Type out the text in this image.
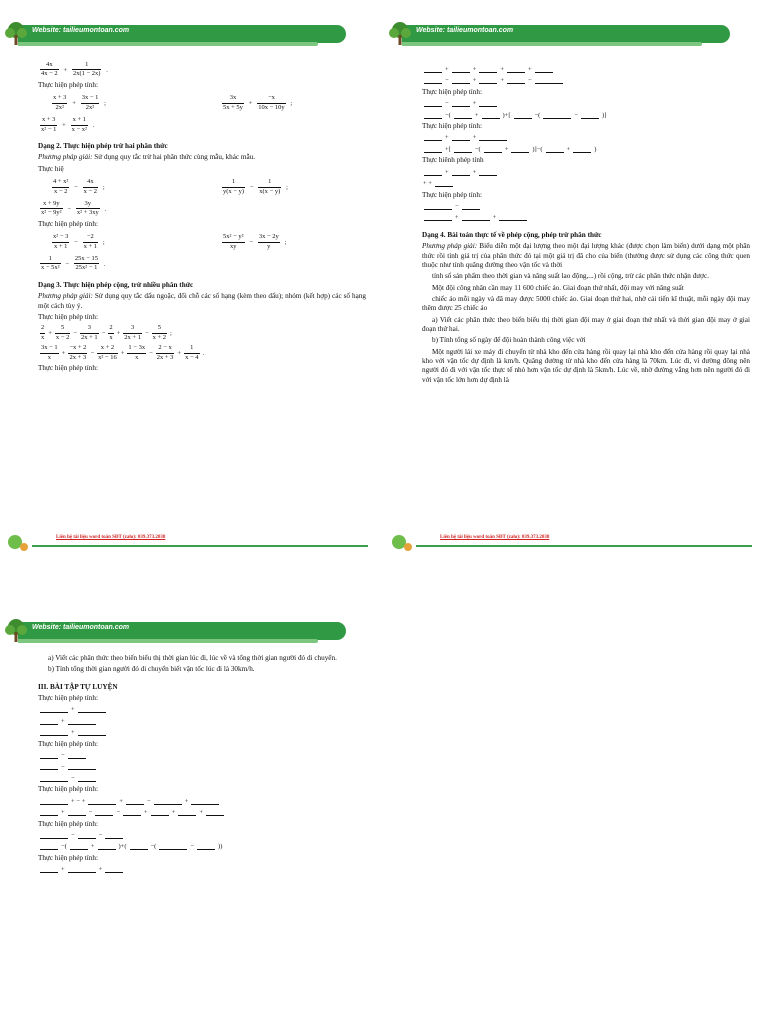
Website: tailieumontoan.com

$\frac{4x}{4x - 2} + \frac{1}{2x(1 - 2x)}$ .

Thực hiện phép tính:

$\frac{x + 3}{\text{2x²}} + \frac{3x - 1}{\text{2x²}}$ ;	$\frac{3x}{5x + 5y} + \frac{-x}{10x - 10y}$ ;

$\frac{x + 3}{\text{x² − 1}} + \frac{x + 1}{\text{x − x²}}$ .

Dạng 2. Thực hiện phép trừ hai phân thức

Phương pháp giải: Sử dụng quy tắc trừ hai phân thức cùng mẫu, khác mẫu.

Thực hiệ

$\frac{\text{4 + x²}}{x - 2} - \frac{4x}{x - 2}$ ;	$\frac{1}{y(x - y)} - \frac{1}{x(x - y)}$ ;

$\frac{x + 9y}{\text{x² − 9y²}} - \frac{3y}{\text{x² + 3xy}}$ .

Thực hiện phép tính:

$\frac{\text{x² − 3}}{x + 1} - \frac{-2}{x + 1}$ ;	$\frac{\text{5x² − y²}}{xy} - \frac{3x - 2y}{y}$ ;

$\frac{1}{\text{x − 5x²}} - \frac{25x - 15}{\text{25x² − 1}}$ .

Dạng 3. Thực hiện phép cộng, trừ nhiều phân thức

Phương pháp giải: Sử dụng quy tắc dấu ngoặc, đổi chỗ các số hạng (kèm theo dấu); nhóm (kết hợp) các số hạng một cách tùy ý.

Thực hiện phép tính:

$\frac{2}{x} + \frac{5}{x - 2} - \frac{3}{2x + 1} - \frac{2}{x} + \frac{3}{2x + 1} - \frac{5}{x + 2}$ ;

$\frac{3x - 1}{x} + \frac{-x + 2}{2x + 3} - \frac{x + 2}{\text{x² − 16}} + \frac{1 - 3x}{x} - \frac{2 - x}{2x + 3} + \frac{1}{x - 4}$ .

Thực hiện phép tính:

Liên hệ tài liệu word toán SĐT (zalo): 039.373.2038
Website: tailieumontoan.com

+	+	+	+

−	+	+	−

Thực hiện phép tính:

−	+

−(	+	)+[	−(	−	)]

Thực hiện phép tính:

+	+

+[	−(	+	)]−(	+	)

Thực hiênh phép tính

+	+

+ +

Thực hiện phép tính:

−

+	+

Dạng 4. Bài toán thực tế về phép cộng, phép trừ phân thức

Phương pháp giải: Biểu diễn một đại lượng theo một đại lượng khác (được chọn làm biến) dưới dạng một phân thức rồi tính giá trị của phân thức đó tại một giá trị đã cho của biến (thường được sử dụng các công thức quen thuộc như tính quãng đường theo vận tốc và thời

tính số sản phẩm theo thời gian và năng suất lao động,...) rồi cộng, trừ các phân thức nhận được.

Một đội công nhân cần may 11 600 chiếc áo. Giai đoạn thứ nhất, đội may với năng suất

chiếc áo mỗi ngày và đã may được 5000 chiếc áo. Giai đoạn thứ hai, nhờ cải tiến kĩ thuật, mỗi ngày đội may thêm được 25 chiếc áo

a) Viết các phân thức theo biến biểu thị thời gian đội may ở giai đoạn thứ nhất và thời gian đội may ở giai đoạn thứ hai.

b) Tính tổng số ngày để đội hoàn thành công việc với

Một người lái xe máy đi chuyển từ nhà kho đến cửa hàng rồi quay lại nhà kho đến cửa hàng rồi quay lại nhà kho với vận tốc dự định là km/h. Quãng đường từ nhà kho đến cửa hàng là 70km. Lúc đi, vì đường đông nên người đó đi với vận tốc thực tế nhỏ hơn vận tốc dự định là 5km/h. Lúc về, nhờ đường vắng hơn nên người đó đi với vận tốc lớn hơn dự định là

Liên hệ tài liệu word toán SĐT (zalo): 039.373.2038
Website: tailieumontoan.com

a) Viết các phân thức theo biến biểu thị thời gian lúc đi, lúc về và tổng thời gian người đó di chuyển.

b) Tính tổng thời gian người đó di chuyển biết vận tốc lúc đi là 30km/h.

III. BÀI TẬP TỰ LUYỆN

Thực hiện phép tính:

+

+

+

Thực hiện phép tính:

−

−

−

Thực hiện phép tính:

+ − +	+	−	+

+	−	−	+	+	+

Thực hiện phép tính:

−	−

−(	+	)+(	−(	−	))

Thực hiện phép tính:

+	+
